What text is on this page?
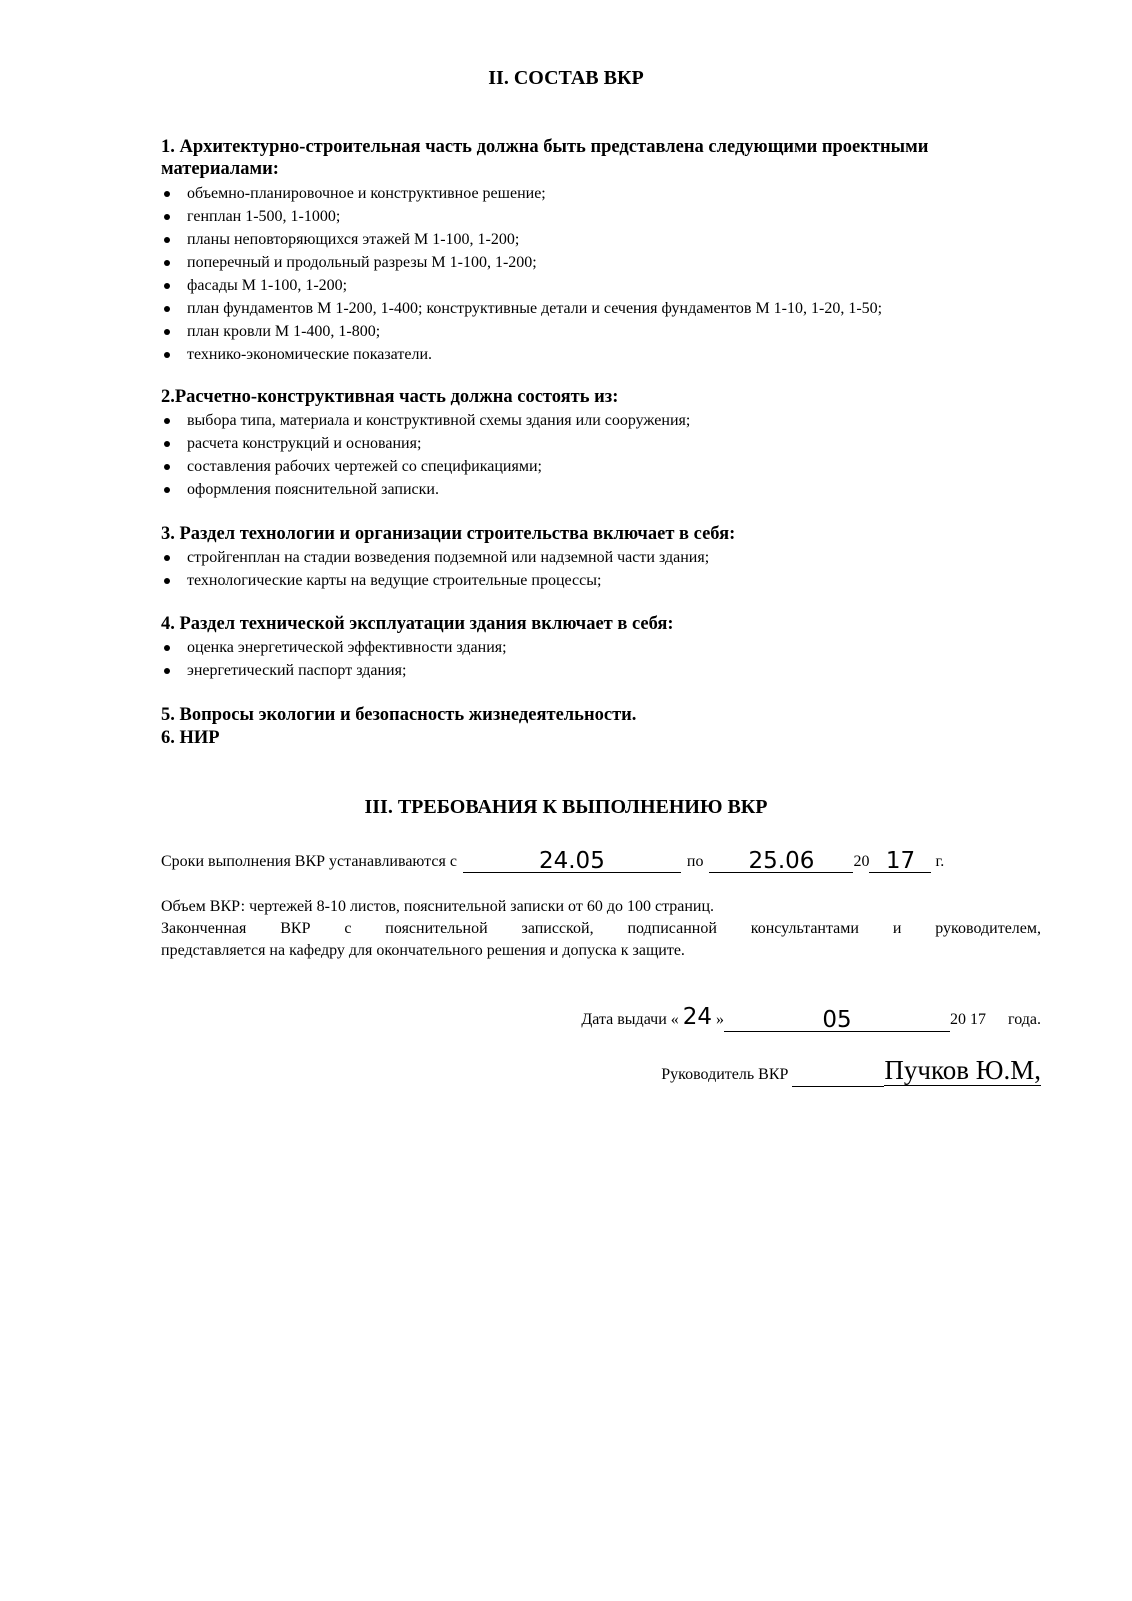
II. СОСТАВ ВКР
1. Архитектурно-строительная часть должна быть представлена следующими проектными материалами:
объемно-планировочное и конструктивное решение;
генплан 1-500, 1-1000;
планы неповторяющихся этажей М 1-100, 1-200;
поперечный и продольный разрезы М 1-100, 1-200;
фасады М 1-100, 1-200;
план фундаментов М 1-200, 1-400; конструктивные детали и сечения фундаментов М 1-10, 1-20, 1-50;
план кровли М 1-400, 1-800;
технико-экономические показатели.
2.Расчетно-конструктивная часть должна состоять из:
выбора типа, материала и конструктивной схемы здания или сооружения;
расчета конструкций и основания;
составления рабочих чертежей со спецификациями;
оформления пояснительной записки.
3. Раздел технологии и организации строительства включает в себя:
стройгенплан на стадии возведения подземной или надземной части здания;
технологические карты на ведущие строительные процессы;
4. Раздел технической эксплуатации здания включает в себя:
оценка энергетической эффективности здания;
энергетический паспорт здания;
5. Вопросы экологии и безопасность жизнедеятельности.
6. НИР
III. ТРЕБОВАНИЯ К ВЫПОЛНЕНИЮ ВКР
Сроки выполнения ВКР устанавливаются с	24.05	по 25.06 20 17 г.
Объем ВКР: чертежей 8-10 листов, пояснительной записки от 60 до 100 страниц.
Законченная ВКР с пояснительной записской, подписанной консультантами и руководителем,
представляется на кафедру для окончательного решения и допуска к защите.
Дата выдачи « 24 »	05	20 17 года.
Руководитель ВКР	Пучков Ю.М,
